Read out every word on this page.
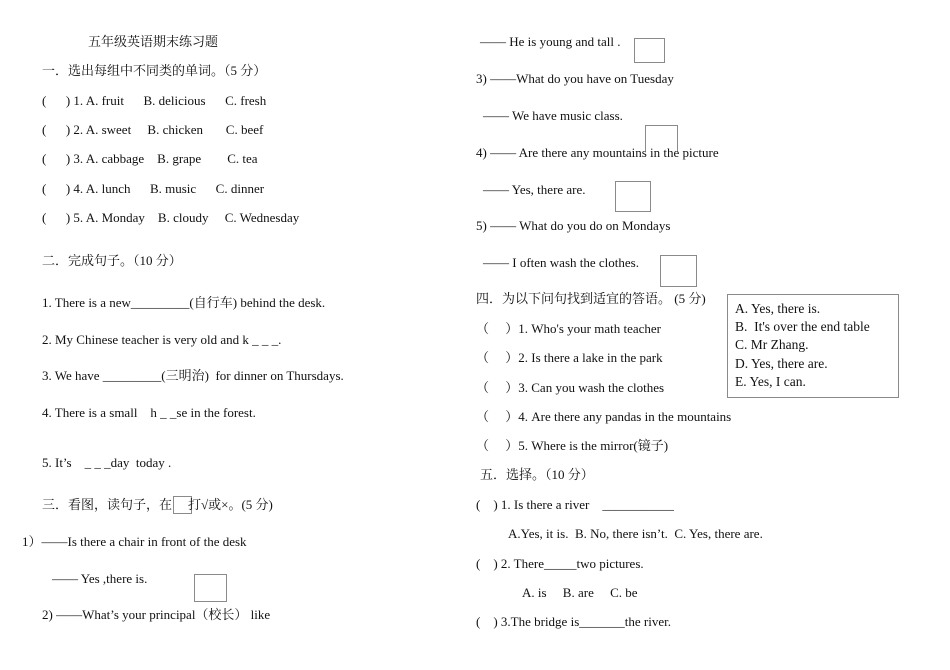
五年级英语期末练习题
一．选出每组中不同类的单词。（5 分）
(      ) 1. A. fruit      B. delicious      C. fresh
(      ) 2. A. sweet     B. chicken       C. beef
(      ) 3. A. cabbage    B. grape        C. tea
(      ) 4. A. lunch      B. music      C. dinner
(      ) 5. A. Monday    B. cloudy     C. Wednesday
二．完成句子。（10 分）
1. There is a new_________(自行车) behind the desk.
2. My Chinese teacher is very old and k _ _ _.
3. We have _________(三明治)  for dinner on Thursdays.
4. There is a small    h _ _se in the forest.
5. It’s    _ _ _day  today .
三．看图，读句子，在 打√或×。(5 分)
1）——Is there a chair in front of the desk
—— Yes ,there is.
2) ——What’s your principal（校长） like
—— He is young and tall .
3) ——What do you have on Tuesday
—— We have music class.
4) —— Are there any mountains in the picture
—— Yes, there are.
5) —— What do you do on Mondays
—— I often wash the clothes.
四．为以下问句找到适宜的答语。 (5 分)
（     ）1. Who's your math teacher
（     ）2. Is there a lake in the park
（     ）3. Can you wash the clothes
（     ）4. Are there any pandas in the mountains
（     ）5. Where is the mirror(镜子)
A. Yes, there is.
B.  It's over the end table
C. Mr Zhang.
D. Yes, there are.
E. Yes, I can.
五．选择。（10 分）
(    ) 1. Is there a river    ___________
A.Yes, it is.  B. No, there isn’t.  C. Yes, there are.
(    ) 2. There_____two pictures.
A. is     B. are     C. be
(    ) 3.The bridge is_______the river.
